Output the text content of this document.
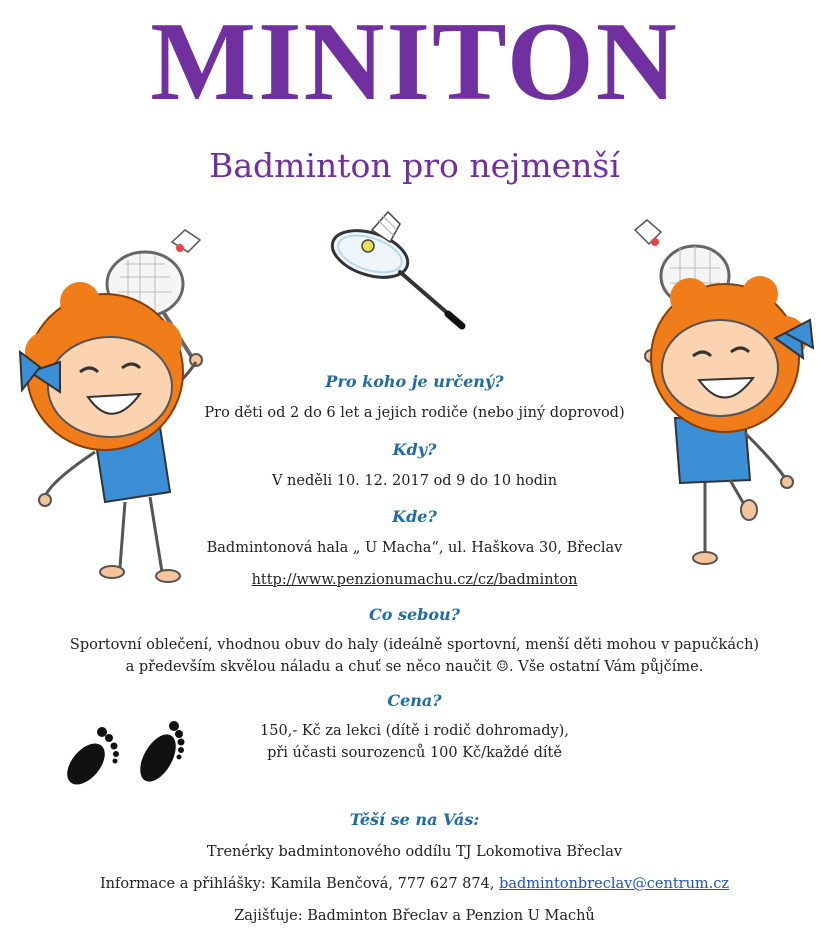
MINITON
Badminton pro nejmenší
Pro koho je určený?
Pro děti od 2 do 6 let a jejich rodiče (nebo jiný doprovod)
Kdy?
V neděli 10. 12. 2017 od 9 do 10 hodin
Kde?
Badmintonová hala „ U Macha“, ul. Haškova 30, Břeclav
http://www.penzionumachu.cz/cz/badminton
Co sebou?
Sportovní oblečení, vhodnou obuv do haly (ideálně sportovní, menší děti mohou v papučkách)
a především skvělou náladu a chuť se něco naučit ☺. Vše ostatní Vám půjčíme.
Cena?
150,- Kč za lekci (dítě i rodič dohromady),
při účasti sourozenců 100 Kč/každé dítě
Těší se na Vás:
Trenérky badmintonového oddílu TJ Lokomotiva Břeclav
Informace a přihlášky: Kamila Benčová, 777 627 874, badmintonbreclav@centrum.cz
Zajišťuje: Badminton Břeclav a Penzion U Machů
